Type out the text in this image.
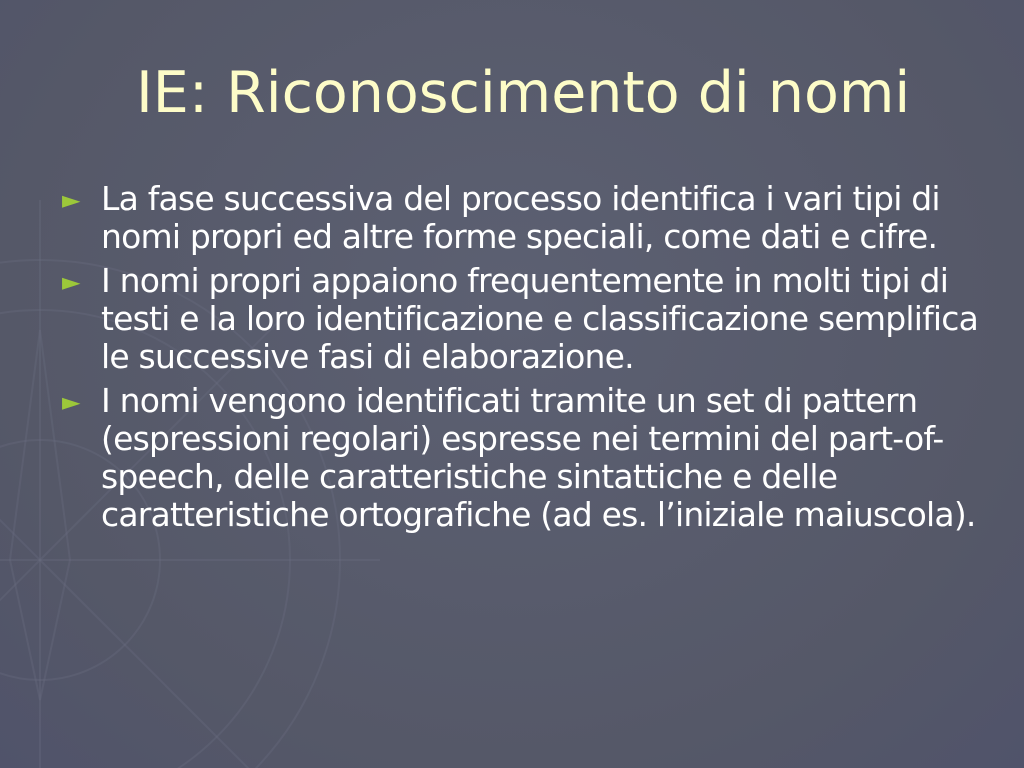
IE: Riconoscimento di nomi
► La fase successiva del processo identifica i vari tipi di nomi propri ed altre forme speciali, come dati e cifre.
► I nomi propri appaiono frequentemente in molti tipi di testi e la loro identificazione e classificazione semplifica le successive fasi di elaborazione.
► I nomi vengono identificati tramite un set di pattern (espressioni regolari) espresse nei termini del part-of-speech, delle caratteristiche sintattiche e delle caratteristiche ortografiche (ad es. l’iniziale maiuscola).
